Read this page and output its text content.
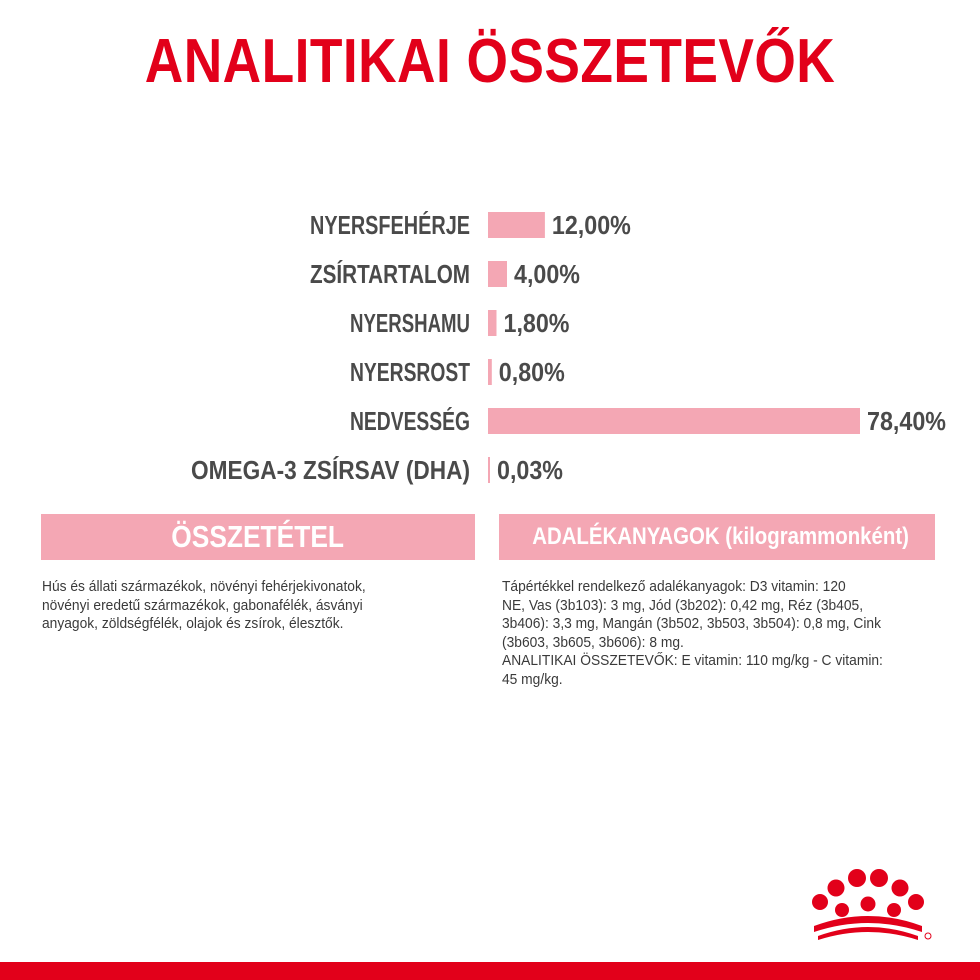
ANALITIKAI ÖSSZETEVŐK
NYERSFEHÉRJE	12,00%
ZSÍRTARTALOM 4,00%
NYERSHAMU 1,80%
NYERSROST 0,80%
NEDVESSÉG	78,40%
OMEGA-3 ZSÍRSAV (DHA) 0,03%
ÖSSZETÉTEL	ADALÉKANYAGOK (kilogrammonként)
Hús és állati származékok, növényi fehérjekivonatok,
növényi eredetű származékok, gabonafélék, ásványi
anyagok, zöldségfélék, olajok és zsírok, élesztők.
Tápértékkel rendelkező adalékanyagok: D3 vitamin: 120
NE, Vas (3b103): 3 mg, Jód (3b202): 0,42 mg, Réz (3b405,
3b406): 3,3 mg, Mangán (3b502, 3b503, 3b504): 0,8 mg, Cink
(3b603, 3b605, 3b606): 8 mg.
ANALITIKAI ÖSSZETEVŐK: E vitamin: 110 mg/kg - C vitamin:
45 mg/kg.
